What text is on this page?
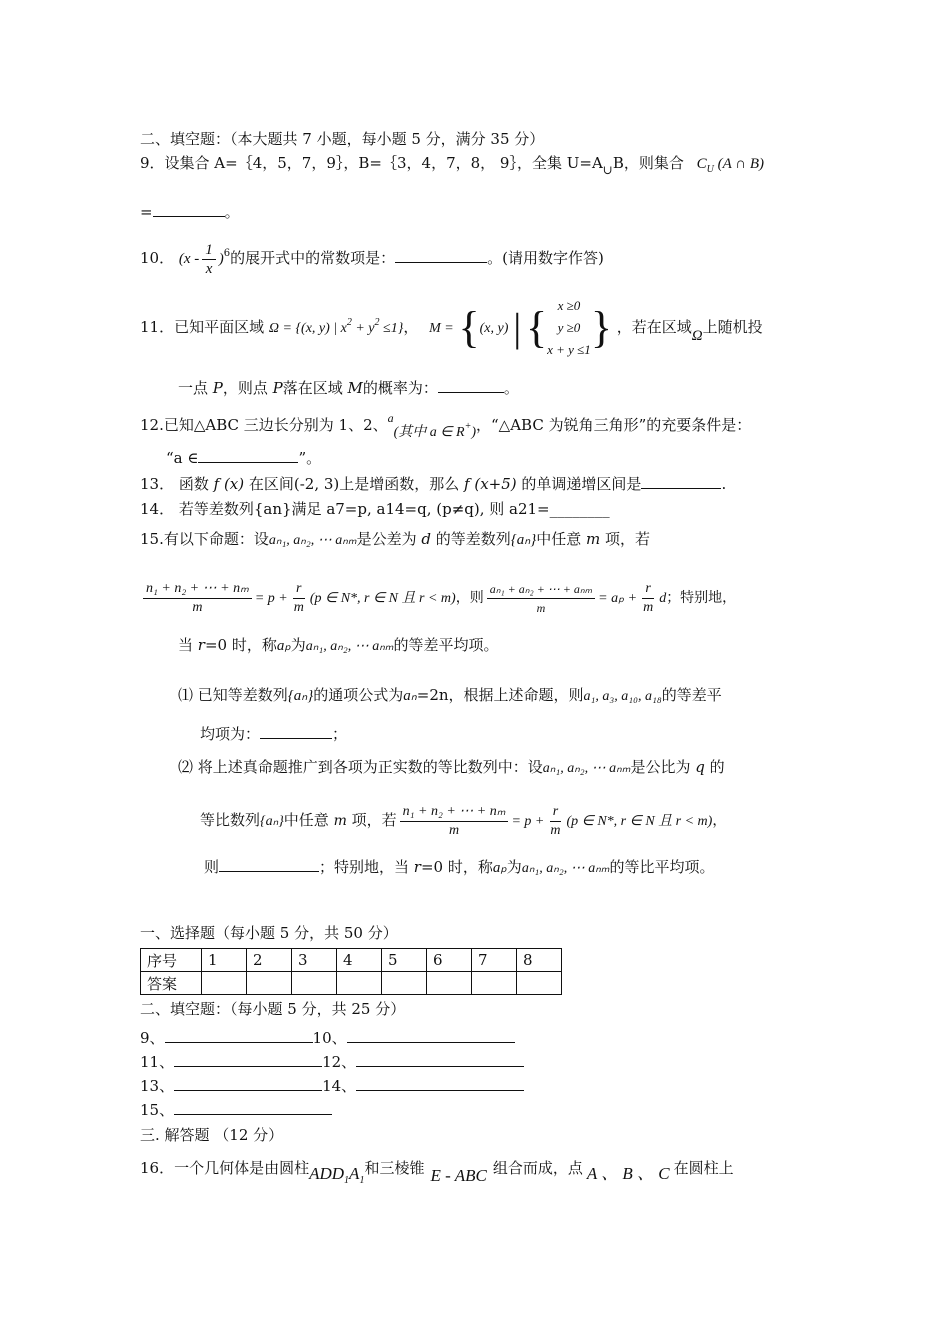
二、填空题：（本大题共 7 小题，每小题 5 分，满分 35 分）
9．设集合 A=｛4，5，7，9｝，B=｛3，4，7，8， 9｝，全集 $U=A_\cup B$，则集合 $C_U$ (A ∩ B)
=	。
10． $(x - \frac{1}{x} )^6$的展开式中的常数项是：	。(请用数字作答)
11．已知平面区域 Ω = {(x, y) | $x^2 + y^2 \le 1$}， M = {(x, y) | { x ≥0
y ≥0
x + y ≤1 } ，若在区域Ω上随机投
一点 P，则点 P落在区域 M的概率为：	。
12.已知△ABC 三边长分别为 1、2、$^a$(其中 a ∈ R+)，“△ABC 为锐角三角形”的充要条件是：
“a ∈	”。
13． 函数 f (x) 在区间(-2, 3)上是增函数，那么 f (x+5) 的单调递增区间是	.
14． 若等差数列{an}满足 a7=p, a14=q, (p≠q), 则 a21=________
15.有以下命题：设aₙ₁, aₙ₂, ⋯ aₙₘ是公差为 d 的等差数列{aₙ}中任意 m 项，若
$\frac{\text{n₁ + n₂ + ⋯ + nₘ}}{m} = p + \frac{r}{m} (p$ ∈ N*, r ∈ N 且 r < m)，则 $\frac{\text{aₙ₁ + aₙ₂ + ⋯ + aₙₘ}}{m} = a_p + \frac{r}{m}$ d；特别地，
当 r=0 时，称aₚ为aₙ₁, aₙ₂, ⋯ aₙₘ的等差平均项。
⑴ 已知等差数列{aₙ}的通项公式为aₙ=2n，根据上述命题，则a₁, a₃, a₁₀, a₁₈的等差平
均项为：	；
⑵ 将上述真命题推广到各项为正实数的等比数列中：设aₙ₁, aₙ₂, ⋯ aₙₘ是公比为 q 的
等比数列{aₙ}中任意 m 项，若 $\frac{\text{n₁ + n₂ + ⋯ + nₘ}}{m} = p + \frac{r}{m} (p$ ∈ N*, r ∈ N 且 r < m)，
则	；特别地，当 r=0 时，称aₚ为aₙ₁, aₙ₂, ⋯ aₙₘ的等比平均项。
一、选择题（每小题 5 分，共 50 分）
序号	1	2	3	4	5	6	7	8
答案								
二、填空题：（每小题 5 分，共 25 分）
9、	10、
11、	12、
13、	14、
15、
三. 解答题 （12 分）
16．一个几何体是由圆柱$ADD_1A_1$和三棱锥 E - ABC 组合而成，点 A 、 B 、 C 在圆柱上
